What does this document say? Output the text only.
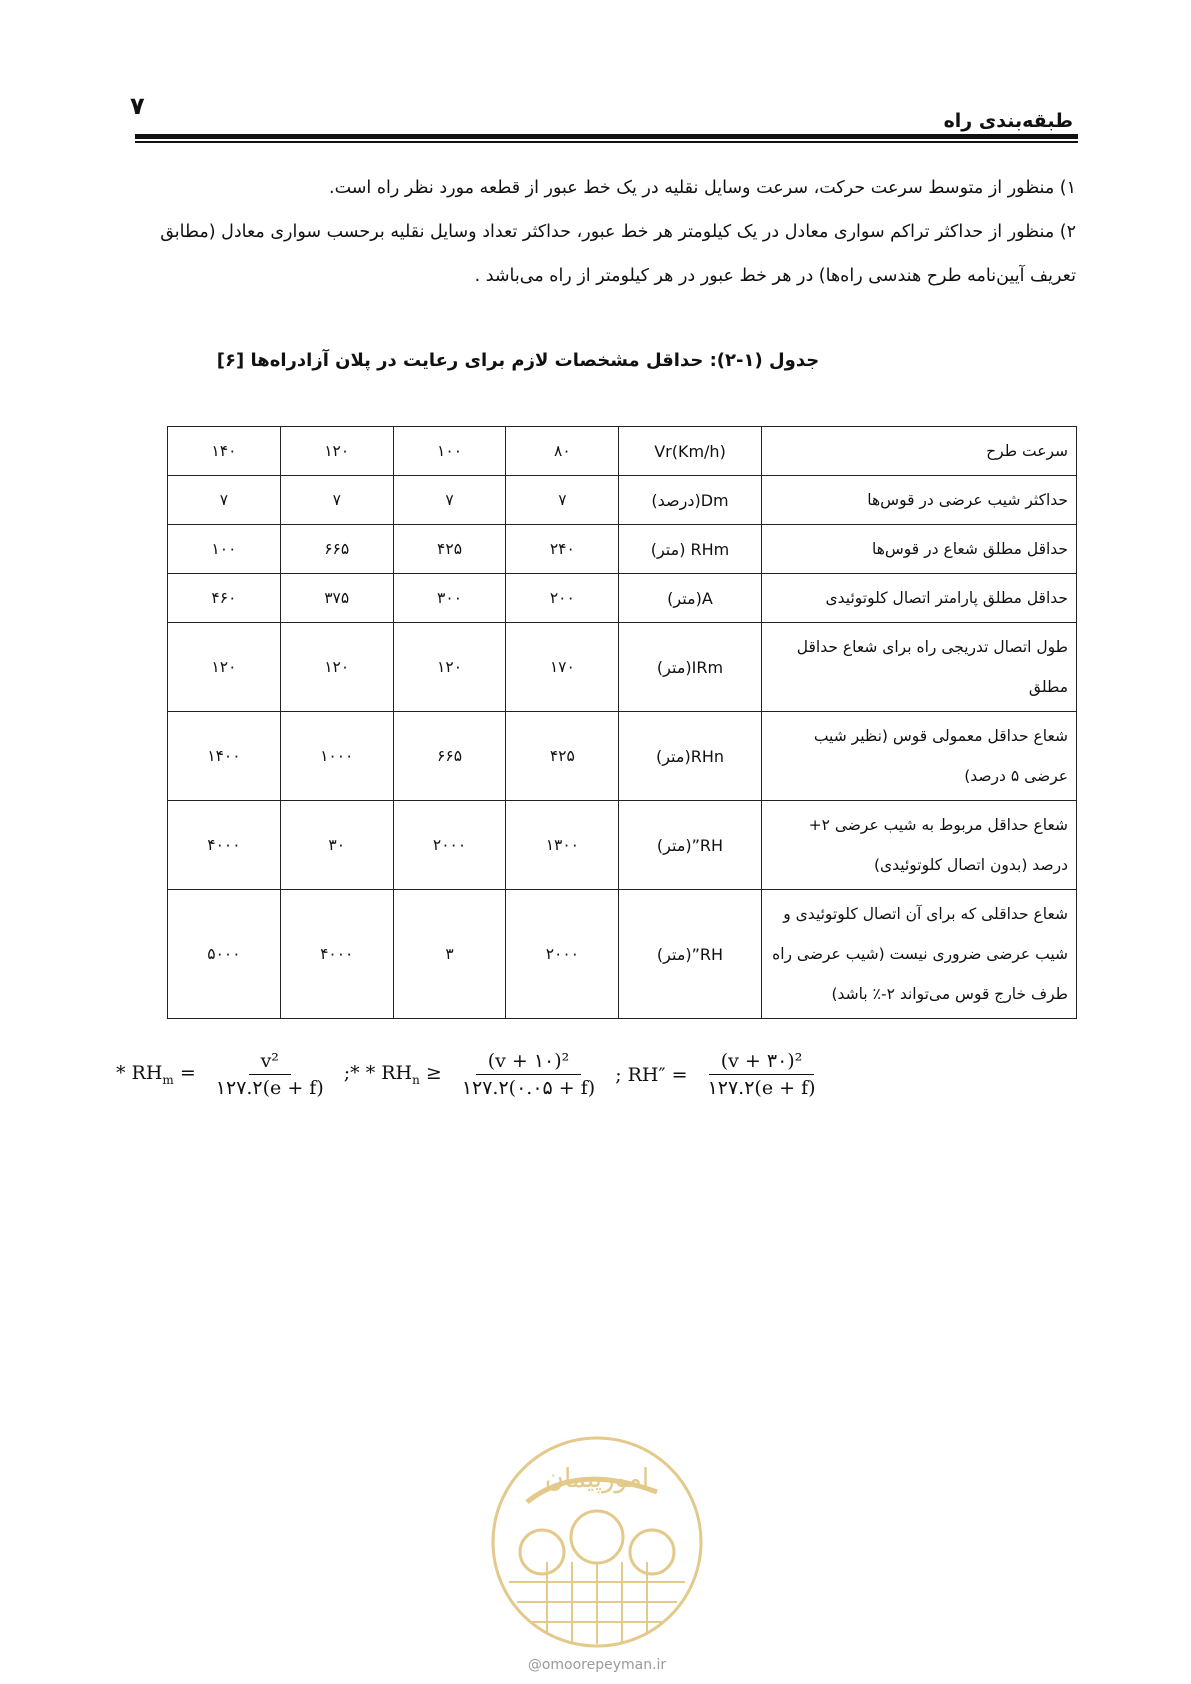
۷
طبقه‌بندی راه

۱) منظور از متوسط سرعت حرکت، سرعت وسایل نقلیه در یک خط عبور از قطعه مورد نظر راه است.

۲) منظور از حداکثر تراکم سواری معادل در یک کیلومتر هر خط عبور، حداکثر تعداد وسایل نقلیه برحسب سواری معادل (مطابق تعریف آیین‌نامه طرح هندسی راه‌ها) در هر خط عبور در هر کیلومتر از راه می‌باشد .

جدول (۱-۲): حداقل مشخصات لازم برای رعایت در پلان آزادراه‌ها [۶]
سرعت طرح	Vr(Km/h)	۸۰	۱۰۰	۱۲۰	۱۴۰
حداکثر شیب عرضی در قوس‌ها	Dm(درصد)	۷	۷	۷	۷
حداقل مطلق شعاع در قوس‌ها	RHm (متر)	۲۴۰	۴۲۵	۶۶۵	۱۰۰
حداقل مطلق پارامتر اتصال کلوتوئیدی	A(متر)	۲۰۰	۳۰۰	۳۷۵	۴۶۰
طول اتصال تدریجی راه برای شعاع حداقل مطلق	IRm(متر)	۱۷۰	۱۲۰	۱۲۰	۱۲۰
شعاع حداقل معمولی قوس (نظیر شیب عرضی ۵ درصد)	RHn(متر)	۴۲۵	۶۶۵	۱۰۰۰	۱۴۰۰
شعاع حداقل مربوط به شیب عرضی ۲+ درصد (بدون اتصال کلوتوئیدی)	RH”(متر)	۱۳۰۰	۲۰۰۰	۳۰	۴۰۰۰
شعاع حداقلی که برای آن اتصال کلوتوئیدی و شیب عرضی ضروری نیست (شیب عرضی راه طرف خارج قوس می‌تواند ۲-٪ باشد)	RH”(متر)	۲۰۰۰	۳	۴۰۰۰	۵۰۰۰
* $RH_m = \frac{\text{v²}}{۱۲۷.۲(e + f)}$ ;* * $RH_n \ge \frac{\text{(v + ۱۰)²}}{۱۲۷.۲(۰.۰۵ + f)}$ ; $RH'' = \frac{\text{(v + ۳۰)²}}{۱۲۷.۲(e + f)}$
امورپیمان
@omoorepeyman.ir
